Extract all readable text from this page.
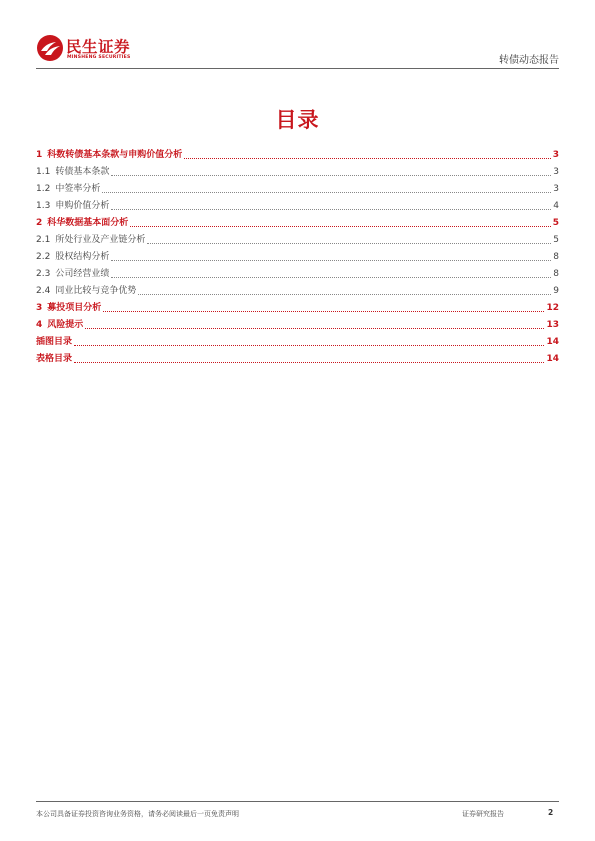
民生证券
MINSHENG SECURITIES	转债动态报告
目录
1 科数转债基本条款与申购价值分析	3
1.1 转债基本条款	3
1.2 中签率分析	3
1.3 申购价值分析	4
2 科华数据基本面分析	5
2.1 所处行业及产业链分析	5
2.2 股权结构分析	8
2.3 公司经营业绩	8
2.4 同业比较与竞争优势	9
3 募投项目分析	12
4 风险提示	13
插图目录	14
表格目录	14
本公司具备证券投资咨询业务资格，请务必阅读最后一页免责声明	证券研究报告	2
